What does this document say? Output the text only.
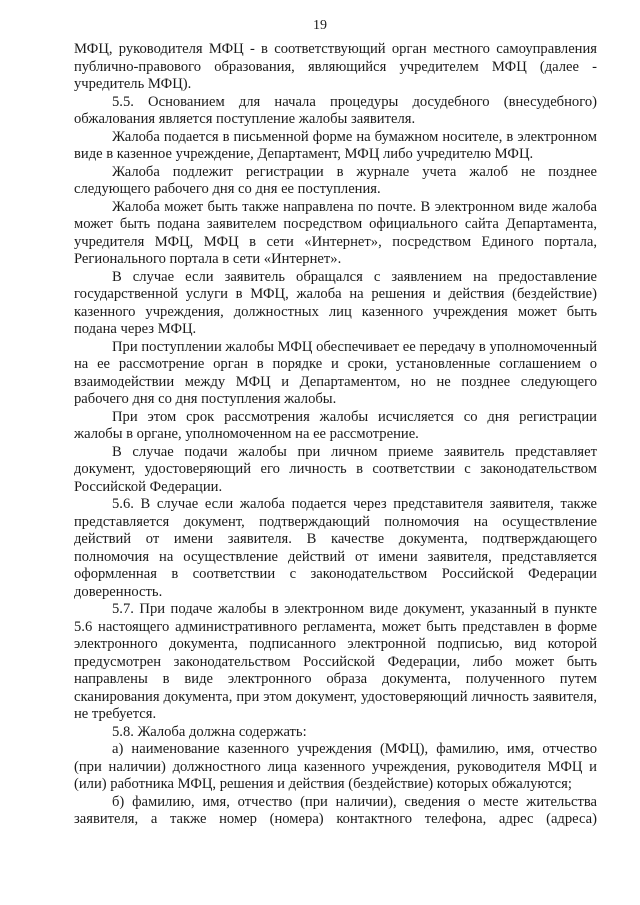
19

МФЦ, руководителя МФЦ - в соответствующий орган местного самоуправления публично-правового образования, являющийся учредителем МФЦ (далее - учредитель МФЦ).

5.5. Основанием для начала процедуры досудебного (внесудебного) обжалования является поступление жалобы заявителя.

Жалоба подается в письменной форме на бумажном носителе, в электронном виде в казенное учреждение, Департамент, МФЦ либо учредителю МФЦ.

Жалоба подлежит регистрации в журнале учета жалоб не позднее следующего рабочего дня со дня ее поступления.

Жалоба может быть также направлена по почте. В электронном виде жалоба может быть подана заявителем посредством официального сайта Департамента, учредителя МФЦ, МФЦ в сети «Интернет», посредством Единого портала, Регионального портала в сети «Интернет».

В случае если заявитель обращался с заявлением на предоставление государственной услуги в МФЦ, жалоба на решения и действия (бездействие) казенного учреждения, должностных лиц казенного учреждения может быть подана через МФЦ.

При поступлении жалобы МФЦ обеспечивает ее передачу в уполномоченный на ее рассмотрение орган в порядке и сроки, установленные соглашением о взаимодействии между МФЦ и Департаментом, но не позднее следующего рабочего дня со дня поступления жалобы.

При этом срок рассмотрения жалобы исчисляется со дня регистрации жалобы в органе, уполномоченном на ее рассмотрение.

В случае подачи жалобы при личном приеме заявитель представляет документ, удостоверяющий его личность в соответствии с законодательством Российской Федерации.

5.6. В случае если жалоба подается через представителя заявителя, также представляется документ, подтверждающий полномочия на осуществление действий от имени заявителя. В качестве документа, подтверждающего полномочия на осуществление действий от имени заявителя, представляется оформленная в соответствии с законодательством Российской Федерации доверенность.

5.7. При подаче жалобы в электронном виде документ, указанный в пункте 5.6 настоящего административного регламента, может быть представлен в форме электронного документа, подписанного электронной подписью, вид которой предусмотрен законодательством Российской Федерации, либо может быть направлены в виде электронного образа документа, полученного путем сканирования документа, при этом документ, удостоверяющий личность заявителя, не требуется.

5.8. Жалоба должна содержать:

а) наименование казенного учреждения (МФЦ), фамилию, имя, отчество (при наличии) должностного лица казенного учреждения, руководителя МФЦ и (или) работника МФЦ, решения и действия (бездействие) которых обжалуются;

б) фамилию, имя, отчество (при наличии), сведения о месте жительства заявителя, а также номер (номера) контактного телефона, адрес (адреса)
